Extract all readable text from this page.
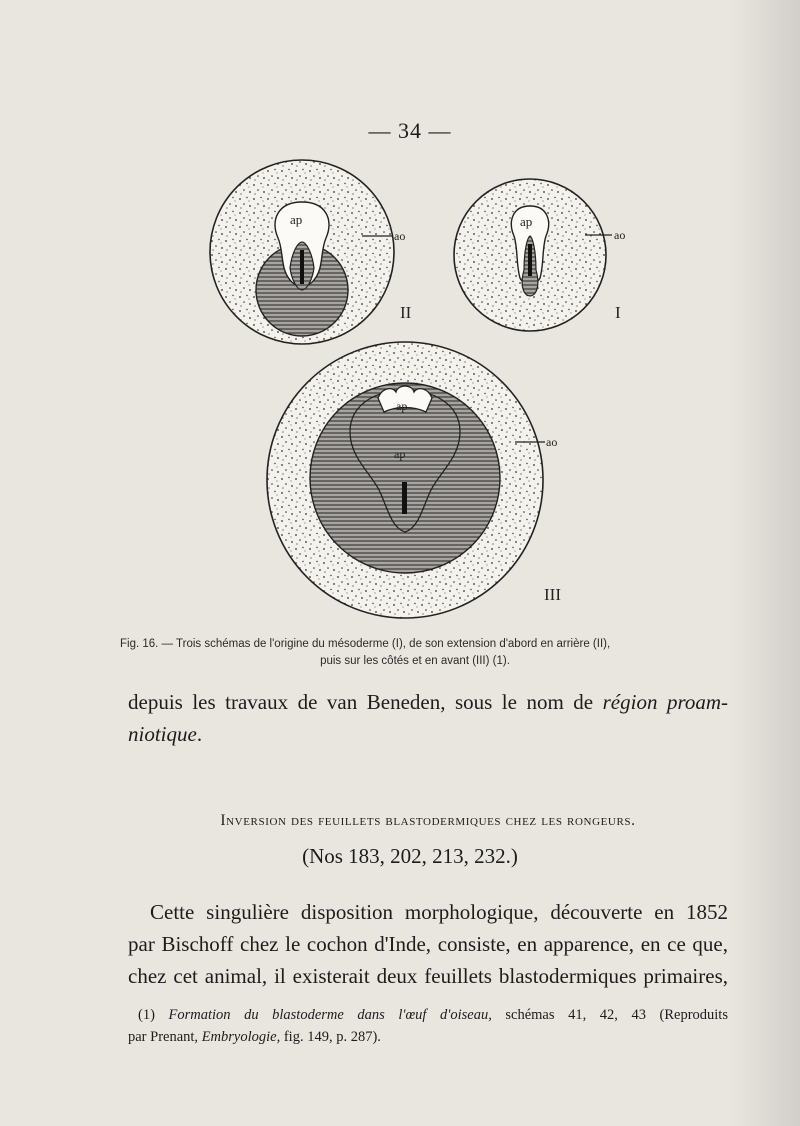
— 34 —
ap
ao
II
ap
ao
I
ap
ap
ao
III
Fig. 16. — Trois schémas de l'origine du mésoderme (I), de son extension d'abord en arrière (II),
puis sur les côtés et en avant (III) (1).
depuis les travaux de van Beneden, sous le nom de région proam-
niotique.
Inversion des feuillets blastodermiques chez les rongeurs.
(Nos 183, 202, 213, 232.)
Cette singulière disposition morphologique, découverte en 1852
par Bischoff chez le cochon d'Inde, consiste, en apparence, en ce que,
chez cet animal, il existerait deux feuillets blastodermiques primaires,
(1) Formation du blastoderme dans l'œuf d'oiseau, schémas 41, 42, 43 (Reproduits
par Prenant, Embryologie, fig. 149, p. 287).
